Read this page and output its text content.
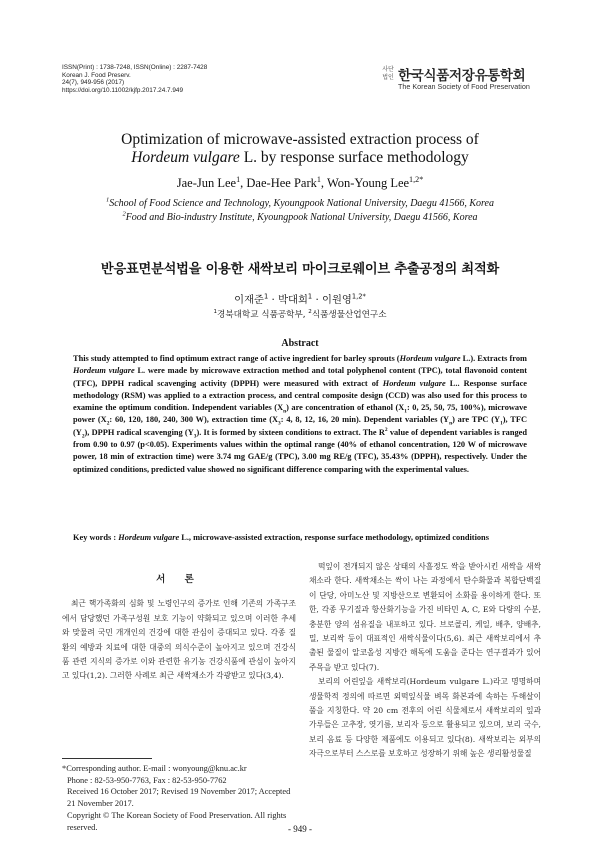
ISSN(Print) : 1738-7248, ISSN(Online) : 2287-7428
Korean J. Food Preserv.
24(7), 949-956 (2017)
https://doi.org/10.11002/kjfp.2017.24.7.949
사단 법인 한국식품저장유통학회
The Korean Society of Food Preservation
Optimization of microwave-assisted extraction process of
Hordeum vulgare L. by response surface methodology
Jae-Jun Lee$^1$, Dae-Hee Park$^1$, Won-Young Lee$^{1,2*}$
$^1$School of Food Science and Technology, Kyoungpook National University, Daegu 41566, Korea
$^2$Food and Bio-industry Institute, Kyoungpook National University, Daegu 41566, Korea
반응표면분석법을 이용한 새싹보리 마이크로웨이브 추출공정의 최적화
이재준$^1$ · 박대희$^1$ · 이원영$^{1,2*}$
$^1$경북대학교 식품공학부, $^2$식품생물산업연구소
Abstract
This study attempted to find optimum extract range of active ingredient for barley sprouts (Hordeum vulgare L.). Extracts from Hordeum vulgare L. were made by microwave extraction method and total polyphenol content (TPC), total flavonoid content (TFC), DPPH radical scavenging activity (DPPH) were measured with extract of Hordeum vulgare L.. Response surface methodology (RSM) was applied to a extraction process, and central composite design (CCD) was also used for this process to examine the optimum condition. Independent variables $(X_n)$ are concentration of ethanol ($X_1$: 0, 25, 50, 75, 100%), microwave power ($X_2$: 60, 120, 180, 240, 300 W), extraction time ($X_3$: 4, 8, 12, 16, 20 min). Dependent variables $(Y_n)$ are TPC $(Y_1)$, TFC $(Y_2)$, DPPH radical scavenging $(Y_3)$. It is formed by sixteen conditions to extract. The $R^2$ value of dependent variables is ranged from 0.90 to 0.97 (p<0.05). Experiments values within the optimal range (40% of ethanol concentration, 120 W of microwave power, 18 min of extraction time) were 3.74 mg GAE/g (TPC), 3.00 mg RE/g (TFC), 35.43% (DPPH), respectively. Under the optimized conditions, predicted value showed no significant difference comparing with the experimental values.
Key words : Hordeum vulgare L., microwave-assisted extraction, response surface methodology, optimized conditions
서 론

최근 핵가족화의 심화 및 노령인구의 증가로 인해 기존의 가족구조에서 담당했던 가족구성원 보호 기능이 약화되고 있으며 이러한 추세와 맞물려 국민 개개인의 건강에 대한 관심이 증대되고 있다. 각종 질환의 예방과 치료에 대한 대중의 의식수준이 높아지고 있으며 건강식품 관련 지식의 증가로 이와 관련한 유기농 건강식품에 관심이 높아지고 있다(1,2). 그러한 사례로 최근 새싹채소가 각광받고 있다(3,4).

떡잎이 전개되지 않은 상태의 사흘정도 싹을 받아시킨 새싹을 새싹채소라 한다. 새싹채소는 싹이 나는 과정에서 탄수화물과 복합단백질이 단당, 아미노산 및 지방산으로 변환되어 소화를 용이하게 한다. 또한, 각종 무기질과 항산화기능을 가진 비타민 A, C, E와 다량의 수분, 충분한 양의 섬유질을 내포하고 있다. 브로콜리, 케일, 배추, 양배추, 밀, 보리싹 등이 대표적인 새싹식물이다(5,6). 최근 새싹보리에서 추출된 물질이 알코올성 지방간 해독에 도움을 준다는 연구결과가 있어 주목을 받고 있다(7).

보리의 어린잎을 새싹보리(Hordeum vulgare L.)라고 명명하며 생물학적 정의에 따르면 외떡잎식물 벼목 화본과에 속하는 두해살이풀을 지칭한다. 약 20 cm 전후의 어린 식물체로서 새싹보리의 잎과 가루들은 고추장, 엿기름, 보리자 등으로 활용되고 있으며, 보리 국수, 보리 음료 등 다양한 제품에도 이용되고 있다(8). 새싹보리는 외부의 자극으로부터 스스로를 보호하고 성장하기 위해 높은 생리활성물질

*Corresponding author. E-mail : wonyoung@knu.ac.kr
Phone : 82-53-950-7763, Fax : 82-53-950-7762
Received 16 October 2017; Revised 19 November 2017; Accepted 21 November 2017.
Copyright © The Korean Society of Food Preservation. All rights reserved.	- 949 -
